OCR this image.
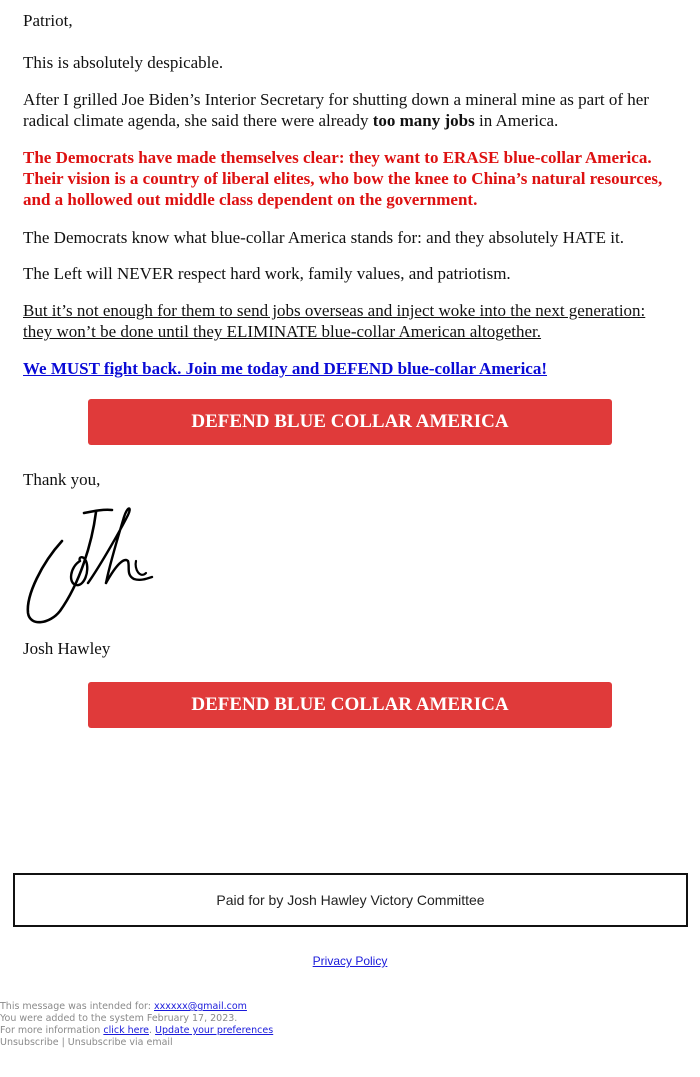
Patriot,

This is absolutely despicable.

After I grilled Joe Biden’s Interior Secretary for shutting down a mineral mine as part of her radical climate agenda, she said there were already too many jobs in America.

The Democrats have made themselves clear: they want to ERASE blue-collar America. Their vision is a country of liberal elites, who bow the knee to China’s natural resources, and a hollowed out middle class dependent on the government.

The Democrats know what blue-collar America stands for: and they absolutely HATE it.

The Left will NEVER respect hard work, family values, and patriotism.

But it’s not enough for them to send jobs overseas and inject woke into the next generation: they won’t be done until they ELIMINATE blue-collar American altogether.

We MUST fight back. Join me today and DEFEND blue-collar America!

DEFEND BLUE COLLAR AMERICA

Thank you,

Josh

Josh Hawley

DEFEND BLUE COLLAR AMERICA
Paid for by Josh Hawley Victory Committee
Privacy Policy
This message was intended for: xxxxxx@gmail.com
You were added to the system February 17, 2023.
For more information click here. Update your preferences
Unsubscribe | Unsubscribe via email
